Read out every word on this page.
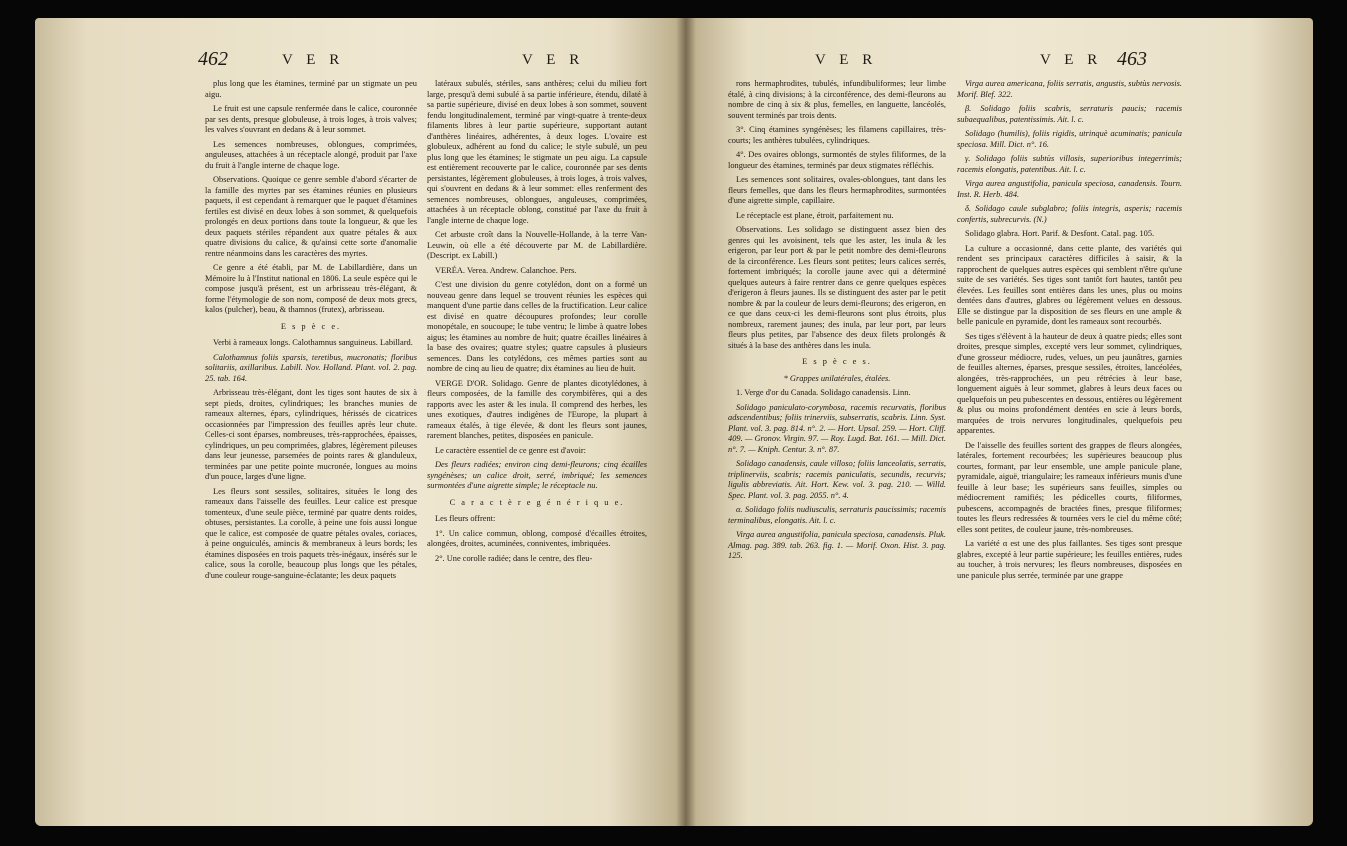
462	V E R	V E R	V E R	V E R 463

plus long que les étamines, terminé par un stigmate un peu aigu.

Le fruit est une capsule renfermée dans le calice, couronnée par ses dents, presque globuleuse, à trois loges, à trois valves; les valves s'ouvrant en dedans & à leur sommet.

Les semences nombreuses, oblongues, comprimées, anguleuses, attachées à un réceptacle alongé, produit par l'axe du fruit à l'angle interne de chaque loge.

Observations. Quoique ce genre semble d'abord s'écarter de la famille des myrtes par ses étamines réunies en plusieurs paquets, il est cependant à remarquer que le paquet d'étamines fertiles est divisé en deux lobes à son sommet, & quelquefois prolongés en deux portions dans toute la longueur, & que les deux paquets stériles répandent aux quatre pétales & aux quatre divisions du calice, & qu'ainsi cette sorte d'anomalie rentre néanmoins dans les caractères des myrtes.

Ce genre a été établi, par M. de Labillardière, dans un Mémoire lu à l'Institut national en 1806. La seule espèce qui le compose jusqu'à présent, est un arbrisseau très-élégant, & forme l'étymologie de son nom, composé de deux mots grecs, kalos (pulcher), beau, & thamnos (frutex), arbrisseau.

E s p è c e.

Verbi à rameaux longs. Calothamnus sanguineus. Labillard.

Calothamnus foliis sparsis, teretibus, mucronatis; floribus solitariis, axillaribus. Labill. Nov. Holland. Plant. vol. 2. pag. 25. tab. 164.

Arbrisseau très-élégant, dont les tiges sont hautes de six à sept pieds, droites, cylindriques; les branches munies de rameaux alternes, épars, cylindriques, hérissés de cicatrices occasionnées par l'impression des feuilles après leur chute. Celles-ci sont éparses, nombreuses, très-rapprochées, épaisses, cylindriques, un peu comprimées, glabres, légèrement pileuses dans leur jeunesse, parsemées de points rares & glanduleux, terminées par une petite pointe mucronée, longues au moins d'un pouce, larges d'une ligne.

Les fleurs sont sessiles, solitaires, situées le long des rameaux dans l'aisselle des feuilles. Leur calice est presque tomenteux, d'une seule pièce, terminé par quatre dents roides, obtuses, persistantes. La corolle, à peine une fois aussi longue que le calice, est composée de quatre pétales ovales, coriaces, à peine onguiculés, amincis & membraneux à leurs bords; les étamines disposées en trois paquets très-inégaux, insérés sur le calice, sous la corolle, beaucoup plus longs que les pétales, d'une couleur rouge-sanguine-éclatante; les deux paquets

latéraux subulés, stériles, sans anthères; celui du milieu fort large, presqu'à demi subulé à sa partie inférieure, étendu, dilaté à sa partie supérieure, divisé en deux lobes à son sommet, souvent fendu longitudinalement, terminé par vingt-quatre à trente-deux filaments libres à leur partie supérieure, supportant autant d'anthères linéaires, adhérentes, à deux loges. L'ovaire est globuleux, adhérent au fond du calice; le style subulé, un peu plus long que les étamines; le stigmate un peu aigu. La capsule est entièrement recouverte par le calice, couronnée par ses dents persistantes, légèrement globuleuses, à trois loges, à trois valves, qui s'ouvrent en dedans & à leur sommet: elles renferment des semences nombreuses, oblongues, anguleuses, comprimées, attachées à un réceptacle oblong, constitué par l'axe du fruit à l'angle interne de chaque loge.

Cet arbuste croît dans la Nouvelle-Hollande, à la terre Van-Leuwin, où elle a été découverte par M. de Labillardière. (Descript. ex Labill.)

VERÉA. Verea. Andrew. Calanchoe. Pers.

C'est une division du genre cotylédon, dont on a formé un nouveau genre dans lequel se trouvent réunies les espèces qui manquent d'une partie dans celles de la fructification. Leur calice est divisé en quatre découpures profondes; leur corolle monopétale, en soucoupe; le tube ventru; le limbe à quatre lobes aigus; les étamines au nombre de huit; quatre écailles linéaires à la base des ovaires; quatre styles; quatre capsules à plusieurs semences. Dans les cotylédons, ces mêmes parties sont au nombre de cinq au lieu de quatre; dix étamines au lieu de huit.

VERGE D'OR. Solidago. Genre de plantes dicotylédones, à fleurs composées, de la famille des corymbifères, qui a des rapports avec les aster & les inula. Il comprend des herbes, les unes exotiques, d'autres indigènes de l'Europe, la plupart à rameaux étalés, à tige élevée, & dont les fleurs sont jaunes, rarement blanches, petites, disposées en panicule.

Le caractère essentiel de ce genre est d'avoir:

Des fleurs radiées; environ cinq demi-fleurons; cinq écailles syngénèses; un calice droit, serré, imbriqué; les semences surmontées d'une aigrette simple; le réceptacle nu.

C a r a c t è r e g é n é r i q u e.

Les fleurs offrent:

1°. Un calice commun, oblong, composé d'écailles étroites, alongées, droites, acuminées, conniventes, imbriquées.

2°. Une corolle radiée; dans le centre, des fleu-

rons hermaphrodites, tubulés, infundibuliformes; leur limbe étalé, à cinq divisions; à la circonférence, des demi-fleurons au nombre de cinq à six & plus, femelles, en languette, lancéolés, souvent terminés par trois dents.

3°. Cinq étamines syngénèses; les filamens capillaires, très-courts; les anthères tubulées, cylindriques.

4°. Des ovaires oblongs, surmontés de styles filiformes, de la longueur des étamines, terminés par deux stigmates réfléchis.

Les semences sont solitaires, ovales-oblongues, tant dans les fleurs femelles, que dans les fleurs hermaphrodites, surmontées d'une aigrette simple, capillaire.

Le réceptacle est plane, étroit, parfaitement nu.

Observations. Les solidago se distinguent assez bien des genres qui les avoisinent, tels que les aster, les inula & les erigeron, par leur port & par le petit nombre des demi-fleurons de la circonférence. Les fleurs sont petites; leurs calices serrés, fortement imbriqués; la corolle jaune avec qui a déterminé quelques auteurs à faire rentrer dans ce genre quelques espèces d'erigeron à fleurs jaunes. Ils se distinguent des aster par le petit nombre & par la couleur de leurs demi-fleurons; des erigeron, en ce que dans ceux-ci les demi-fleurons sont plus étroits, plus nombreux, rarement jaunes; des inula, par leur port, par leurs fleurs plus petites, par l'absence des deux filets prolongés & situés à la base des anthères dans les inula.

E s p è c e s.

* Grappes unilatérales, étalées.

1. Verge d'or du Canada. Solidago canadensis. Linn.

Solidago paniculato-corymbosa, racemis recurvatis, floribus adscendentibus; foliis trinerviis, subserratis, scabris. Linn. Syst. Plant. vol. 3. pag. 814. n°. 2. — Hort. Upsal. 259. — Hort. Cliff. 409. — Gronov. Virgin. 97. — Roy. Lugd. Bat. 161. — Mill. Dict. n°. 7. — Kniph. Centur. 3. n°. 87.

Solidago canadensis, caule villoso; foliis lanceolatis, serratis, triplinerviis, scabris; racemis paniculatis, secundis, recurvis; ligulis abbreviatis. Ait. Hort. Kew. vol. 3. pag. 210. — Willd. Spec. Plant. vol. 3. pag. 2055. n°. 4.

α. Solidago foliis nudiusculis, serraturis paucissimis; racemis terminalibus, elongatis. Ait. l. c.

Virga aurea angustifolia, panicula speciosa, canadensis. Pluk. Almag. pag. 389. tab. 263. fig. 1. — Morif. Oxon. Hist. 3. pag. 125.

Virga aurea americana, foliis serratis, angustis, subtùs nervosis. Morif. Blef. 322.

β. Solidago foliis scabris, serraturis paucis; racemis subaequalibus, patentissimis. Ait. l. c.

Solidago (humilis), foliis rigidis, utrinquè acuminatis; panicula speciosa. Mill. Dict. n°. 16.

γ. Solidago foliis subtùs villosis, superioribus integerrimis; racemis elongatis, patentibus. Ait. l. c.

Virga aurea angustifolia, panicula speciosa, canadensis. Tourn. Inst. R. Herb. 484.

δ. Solidago caule subglabro; foliis integris, asperis; racemis confertis, subrecurvis. (N.)

Solidago glabra. Hort. Parif. & Desfont. Catal. pag. 105.

La culture a occasionné, dans cette plante, des variétés qui rendent ses principaux caractères difficiles à saisir, & la rapprochent de quelques autres espèces qui semblent n'être qu'une suite de ses variétés. Ses tiges sont tantôt fort hautes, tantôt peu élevées. Les feuilles sont entières dans les unes, plus ou moins dentées dans d'autres, glabres ou légèrement velues en dessous. Elle se distingue par la disposition de ses fleurs en une ample & belle panicule en pyramide, dont les rameaux sont recourbés.

Ses tiges s'élèvent à la hauteur de deux à quatre pieds; elles sont droites, presque simples, excepté vers leur sommet, cylindriques, d'une grosseur médiocre, rudes, velues, un peu jaunâtres, garnies de feuilles alternes, éparses, presque sessiles, étroites, lancéolées, alongées, très-rapprochées, un peu rétrécies à leur base, longuement aiguës à leur sommet, glabres à leurs deux faces ou quelquefois un peu pubescentes en dessous, entières ou légèrement & plus ou moins profondément dentées en scie à leurs bords, marquées de trois nervures longitudinales, quelquefois peu apparentes.

De l'aisselle des feuilles sortent des grappes de fleurs alongées, latérales, fortement recourbées; les supérieures beaucoup plus courtes, formant, par leur ensemble, une ample panicule plane, pyramidale, aiguë, triangulaire; les rameaux inférieurs munis d'une feuille à leur base; les supérieurs sans feuilles, simples ou médiocrement ramifiés; les pédicelles courts, filiformes, pubescens, accompagnés de bractées fines, presque filiformes; toutes les fleurs redressées & tournées vers le ciel du même côté; elles sont petites, de couleur jaune, très-nombreuses.

La variété α est une des plus faillantes. Ses tiges sont presque glabres, excepté à leur partie supérieure; les feuilles entières, rudes au toucher, à trois nervures; les fleurs nombreuses, disposées en une panicule plus serrée, terminée par une grappe
